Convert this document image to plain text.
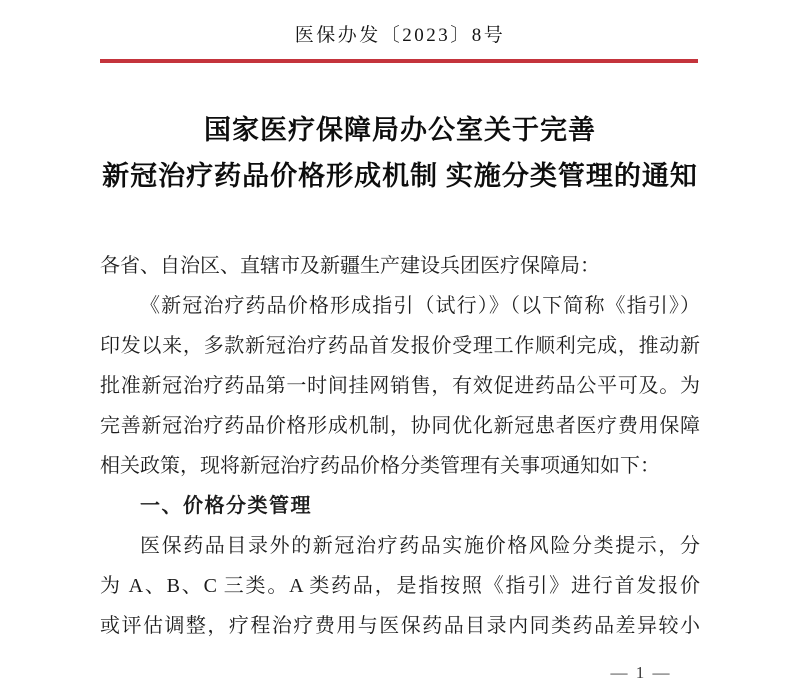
医保办发〔2023〕8号
国家医疗保障局办公室关于完善
新冠治疗药品价格形成机制 实施分类管理的通知
各省、自治区、直辖市及新疆生产建设兵团医疗保障局：
《新冠治疗药品价格形成指引（试行）》（以下简称《指引》）
印发以来，多款新冠治疗药品首发报价受理工作顺利完成，推动新
批准新冠治疗药品第一时间挂网销售，有效促进药品公平可及。为
完善新冠治疗药品价格形成机制，协同优化新冠患者医疗费用保障
相关政策，现将新冠治疗药品价格分类管理有关事项通知如下：
一、价格分类管理
医保药品目录外的新冠治疗药品实施价格风险分类提示，分
为 A、B、C 三类。A 类药品，是指按照《指引》进行首发报价
或评估调整，疗程治疗费用与医保药品目录内同类药品差异较小
— 1 —
